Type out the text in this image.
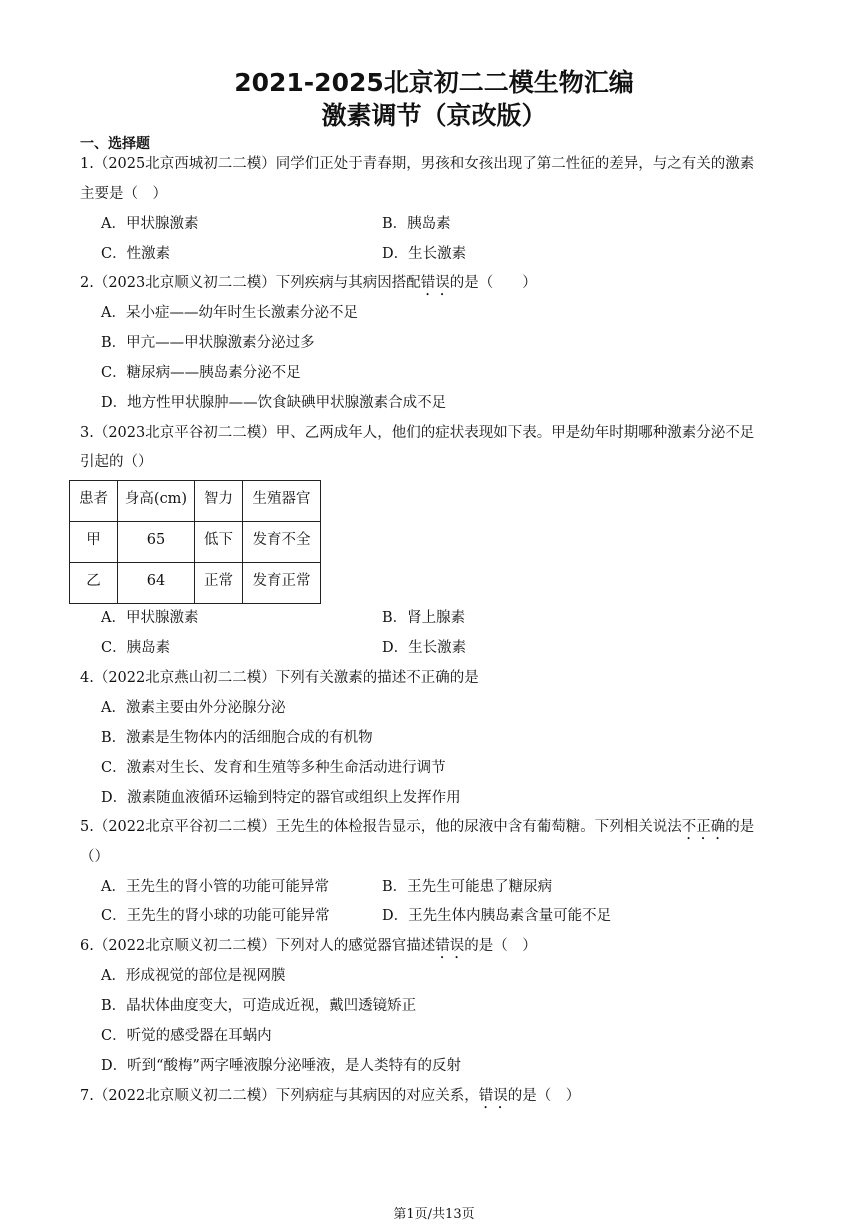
2021-2025北京初二二模生物汇编
激素调节（京改版）
一、选择题
1.（2025北京西城初二二模）同学们正处于青春期，男孩和女孩出现了第二性征的差异，与之有关的激素
主要是（　）
A．甲状腺激素	B．胰岛素
C．性激素	D．生长激素
2.（2023北京顺义初二二模）下列疾病与其病因搭配错误的是（　　）
A．呆小症——幼年时生长激素分泌不足
B．甲亢——甲状腺激素分泌过多
C．糖尿病——胰岛素分泌不足
D．地方性甲状腺肿——饮食缺碘甲状腺激素合成不足
3.（2023北京平谷初二二模）甲、乙两成年人，他们的症状表现如下表。甲是幼年时期哪种激素分泌不足
引起的（）
患者	身高(cm)	智力	生殖器官
甲	65	低下	发育不全
乙	64	正常	发育正常
A．甲状腺激素	B．肾上腺素
C．胰岛素	D．生长激素
4.（2022北京燕山初二二模）下列有关激素的描述不正确的是
A．激素主要由外分泌腺分泌
B．激素是生物体内的活细胞合成的有机物
C．激素对生长、发育和生殖等多种生命活动进行调节
D．激素随血液循环运输到特定的器官或组织上发挥作用
5.（2022北京平谷初二二模）王先生的体检报告显示，他的尿液中含有葡萄糖。下列相关说法不正确的是
（）
A．王先生的肾小管的功能可能异常	B．王先生可能患了糖尿病
C．王先生的肾小球的功能可能异常	D．王先生体内胰岛素含量可能不足
6.（2022北京顺义初二二模）下列对人的感觉器官描述错误的是（　）
A．形成视觉的部位是视网膜
B．晶状体曲度变大，可造成近视，戴凹透镜矫正
C．听觉的感受器在耳蜗内
D．听到“酸梅”两字唾液腺分泌唾液，是人类特有的反射
7.（2022北京顺义初二二模）下列病症与其病因的对应关系，错误的是（　）
第1页/共13页
